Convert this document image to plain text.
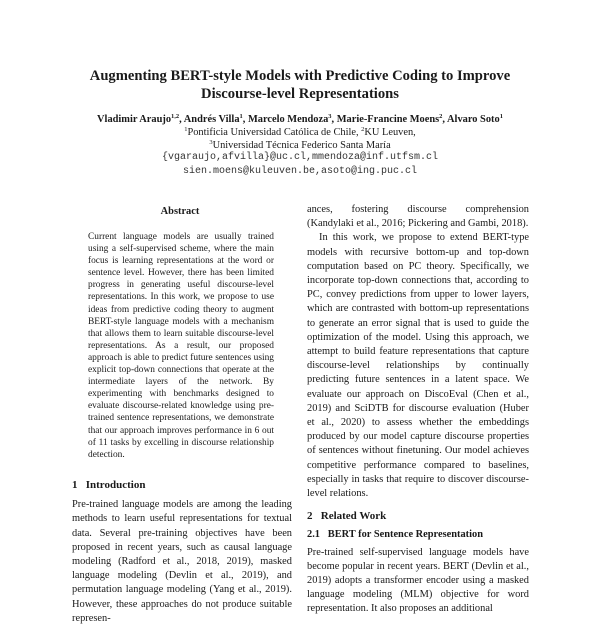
Augmenting BERT-style Models with Predictive Coding to Improve
Discourse-level Representations
Vladimir Araujo$^{1,2}$, Andrés Villa$^1$, Marcelo Mendoza$^3$, Marie-Francine Moens$^2$, Alvaro Soto$^1$
$^1$Pontificia Universidad Católica de Chile, $^2$KU Leuven,
$^3$Universidad Técnica Federico Santa María
{vgaraujo,afvilla}@uc.cl,mmendoza@inf.utfsm.cl
sien.moens@kuleuven.be,asoto@ing.puc.cl
Abstract
Current language models are usually trained using a self-supervised scheme, where the main focus is learning representations at the word or sentence level. However, there has been limited progress in generating useful discourse-level representations. In this work, we propose to use ideas from predictive coding theory to augment BERT-style language models with a mechanism that allows them to learn suitable discourse-level representations. As a result, our proposed approach is able to predict future sentences using explicit top-down connections that operate at the intermediate layers of the network. By experimenting with benchmarks designed to evaluate discourse-related knowledge using pre-trained sentence representations, we demonstrate that our approach improves performance in 6 out of 11 tasks by excelling in discourse relationship detection.
1 Introduction

Pre-trained language models are among the leading methods to learn useful representations for textual data. Several pre-training objectives have been proposed in recent years, such as causal language modeling (Radford et al., 2018, 2019), masked language modeling (Devlin et al., 2019), and permutation language modeling (Yang et al., 2019). However, these approaches do not produce suitable represen-

ances, fostering discourse comprehension (Kandylaki et al., 2016; Pickering and Gambi, 2018).

In this work, we propose to extend BERT-type models with recursive bottom-up and top-down computation based on PC theory. Specifically, we incorporate top-down connections that, according to PC, convey predictions from upper to lower layers, which are contrasted with bottom-up representations to generate an error signal that is used to guide the optimization of the model. Using this approach, we attempt to build feature representations that capture discourse-level relationships by continually predicting future sentences in a latent space. We evaluate our approach on DiscoEval (Chen et al., 2019) and SciDTB for discourse evaluation (Huber et al., 2020) to assess whether the embeddings produced by our model capture discourse properties of sentences without finetuning. Our model achieves competitive performance compared to baselines, especially in tasks that require to discover discourse-level relations.

2 Related Work
2.1 BERT for Sentence Representation

Pre-trained self-supervised language models have become popular in recent years. BERT (Devlin et al., 2019) adopts a transformer encoder using a masked language modeling (MLM) objective for word representation. It also proposes an additional
